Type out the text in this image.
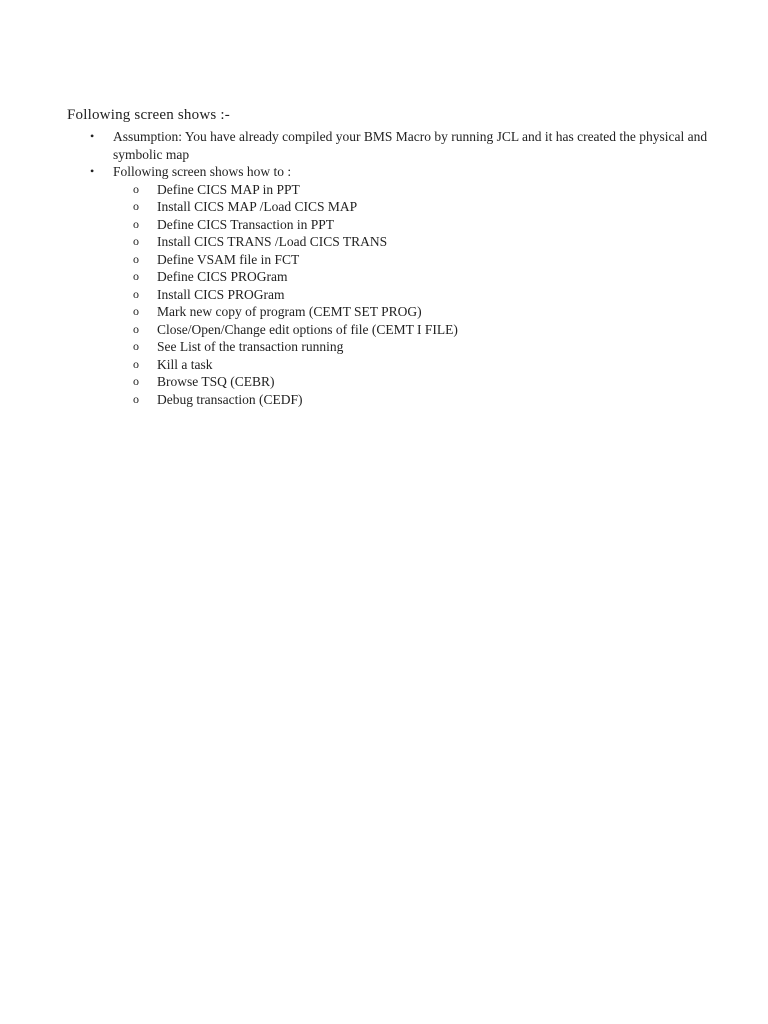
Following screen shows :-
• Assumption: You have already compiled your BMS Macro by running JCL and it has created the physical and symbolic map
• Following screen shows how to :
o Define CICS MAP in PPT
o Install CICS MAP /Load CICS MAP
o Define CICS Transaction in PPT
o Install CICS TRANS /Load CICS TRANS
o Define VSAM file in FCT
o Define CICS PROGram
o Install CICS PROGram
o Mark new copy of program (CEMT SET PROG)
o Close/Open/Change edit options of file (CEMT I FILE)
o See List of the transaction running
o Kill a task
o Browse TSQ (CEBR)
o Debug transaction (CEDF)
